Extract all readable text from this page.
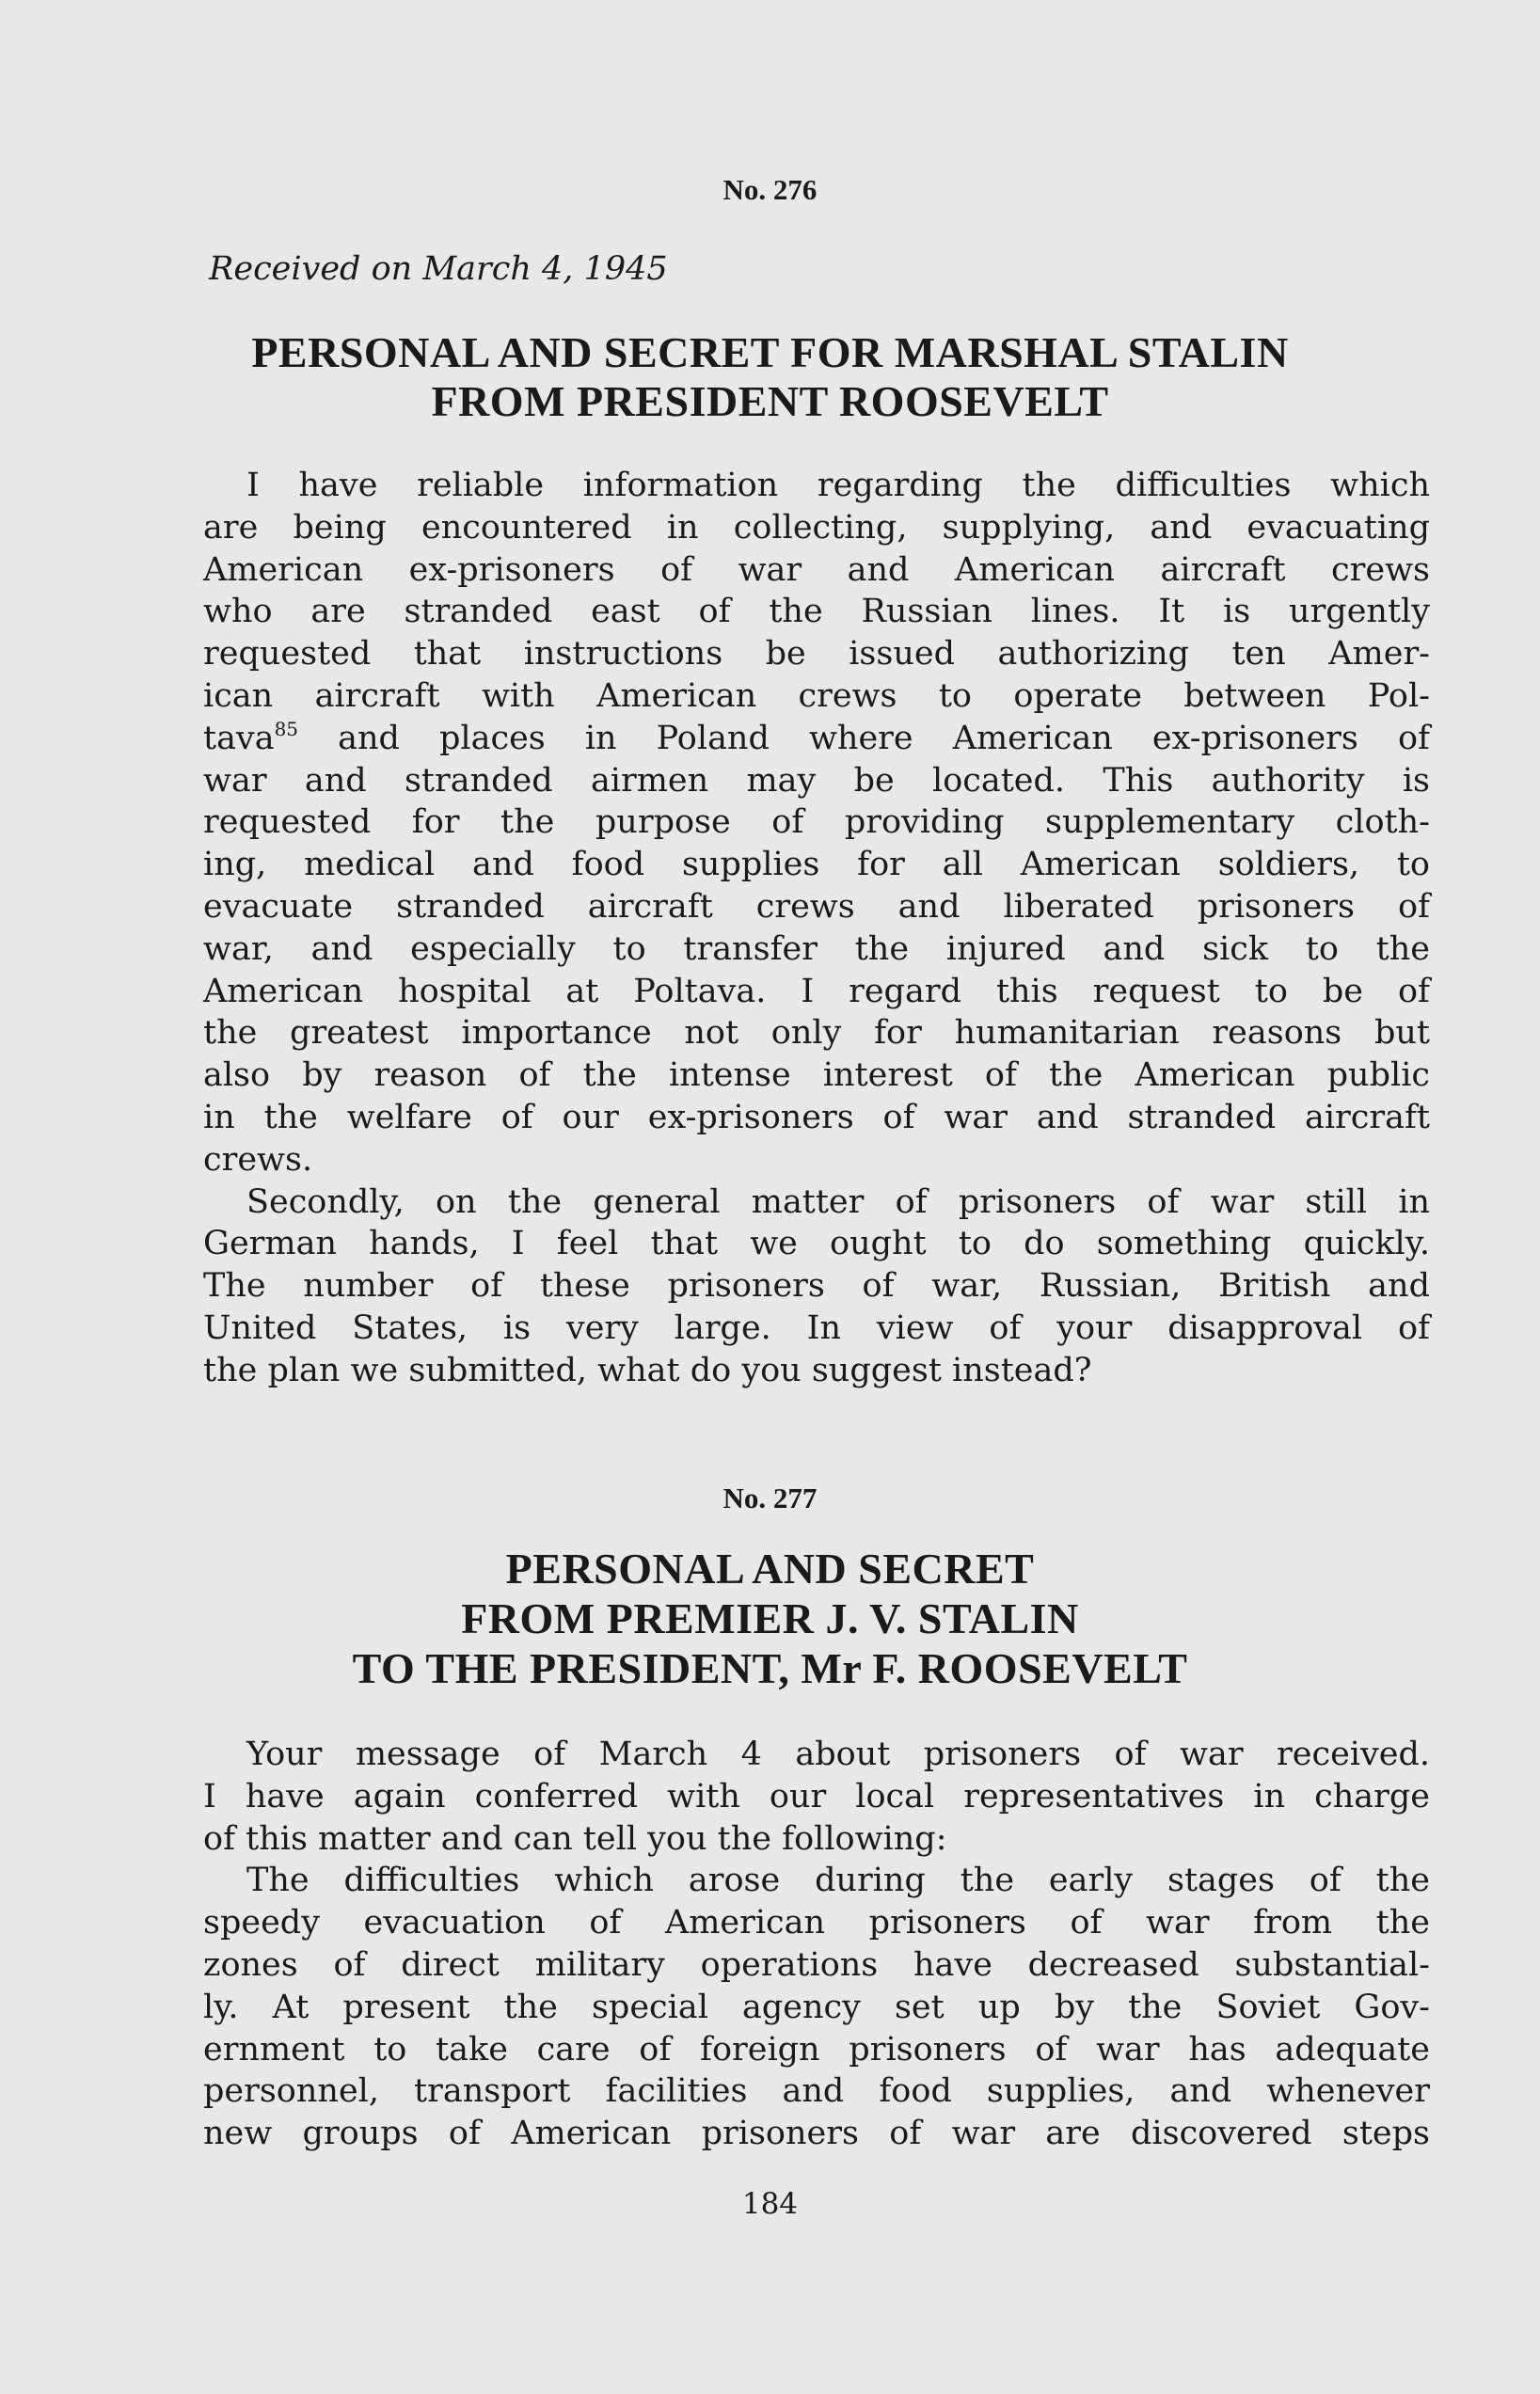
No. 276
Received on March 4, 1945
PERSONAL AND SECRET FOR MARSHAL STALIN
FROM PRESIDENT ROOSEVELT
I have reliable information regarding the difficulties which
are being encountered in collecting, supplying, and evacuating
American ex-prisoners of war and American aircraft crews
who are stranded east of the Russian lines. It is urgently
requested that instructions be issued authorizing ten Amer-
ican aircraft with American crews to operate between Pol-
tava$^{85}$ and places in Poland where American ex-prisoners of
war and stranded airmen may be located. This authority is
requested for the purpose of providing supplementary cloth-
ing, medical and food supplies for all American soldiers, to
evacuate stranded aircraft crews and liberated prisoners of
war, and especially to transfer the injured and sick to the
American hospital at Poltava. I regard this request to be of
the greatest importance not only for humanitarian reasons but
also by reason of the intense interest of the American public
in the welfare of our ex-prisoners of war and stranded aircraft
crews.
Secondly, on the general matter of prisoners of war still in
German hands, I feel that we ought to do something quickly.
The number of these prisoners of war, Russian, British and
United States, is very large. In view of your disapproval of
the plan we submitted, what do you suggest instead?
No. 277
PERSONAL AND SECRET
FROM PREMIER J. V. STALIN
TO THE PRESIDENT, Mr F. ROOSEVELT
Your message of March 4 about prisoners of war received.
I have again conferred with our local representatives in charge
of this matter and can tell you the following:
The difficulties which arose during the early stages of the
speedy evacuation of American prisoners of war from the
zones of direct military operations have decreased substantial-
ly. At present the special agency set up by the Soviet Gov-
ernment to take care of foreign prisoners of war has adequate
personnel, transport facilities and food supplies, and whenever
new groups of American prisoners of war are discovered steps
184
